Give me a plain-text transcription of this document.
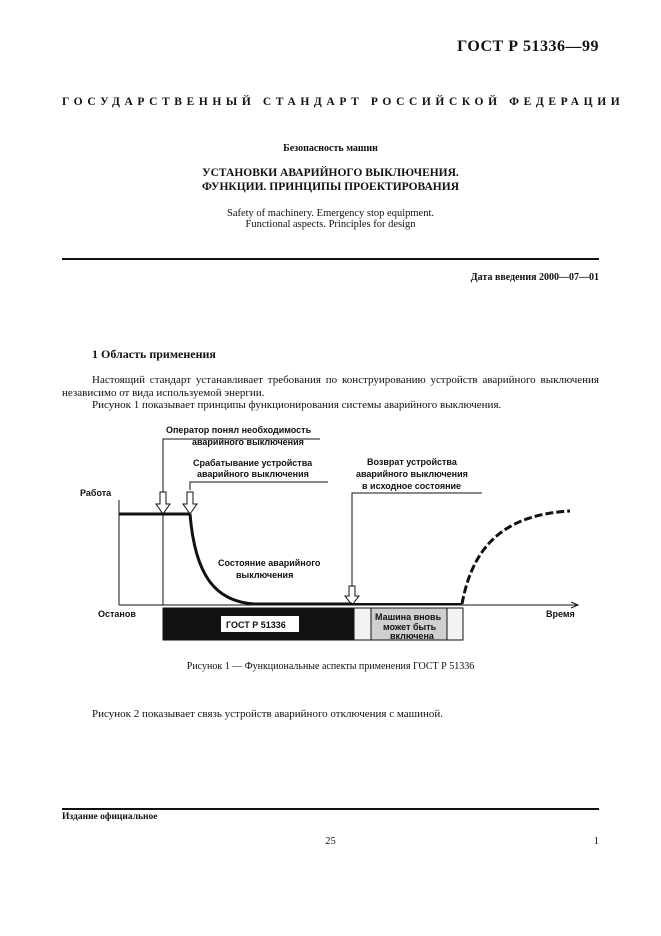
ГОСТ Р 51336—99
ГОСУДАРСТВЕННЫЙ СТАНДАРТ РОССИЙСКОЙ ФЕДЕРАЦИИ
Безопасность машин
УСТАНОВКИ АВАРИЙНОГО ВЫКЛЮЧЕНИЯ.
ФУНКЦИИ. ПРИНЦИПЫ ПРОЕКТИРОВАНИЯ
Safety of machinery. Emergency stop equipment.
Functional aspects. Principles for design
Дата введения 2000—07—01
1 Область применения
Настоящий стандарт устанавливает требования по конструированию устройств аварийного выключения независимо от вида используемой энергии.
Рисунок 1 показывает принципы функционирования системы аварийного выключения.
Оператор понял необходимость
аварийного выключения
Срабатывание устройства
аварийного выключения
Возврат устройства
аварийного выключения
в исходное состояние
Состояние аварийного
выключения
Работа
Останов	Время
ГОСТ Р 51336
Машина вновь
может быть
включена
Рисунок 1 — Функциональные аспекты применения ГОСТ Р 51336
Рисунок 2 показывает связь устройств аварийного отключения с машиной.
Издание официальное
25	1
